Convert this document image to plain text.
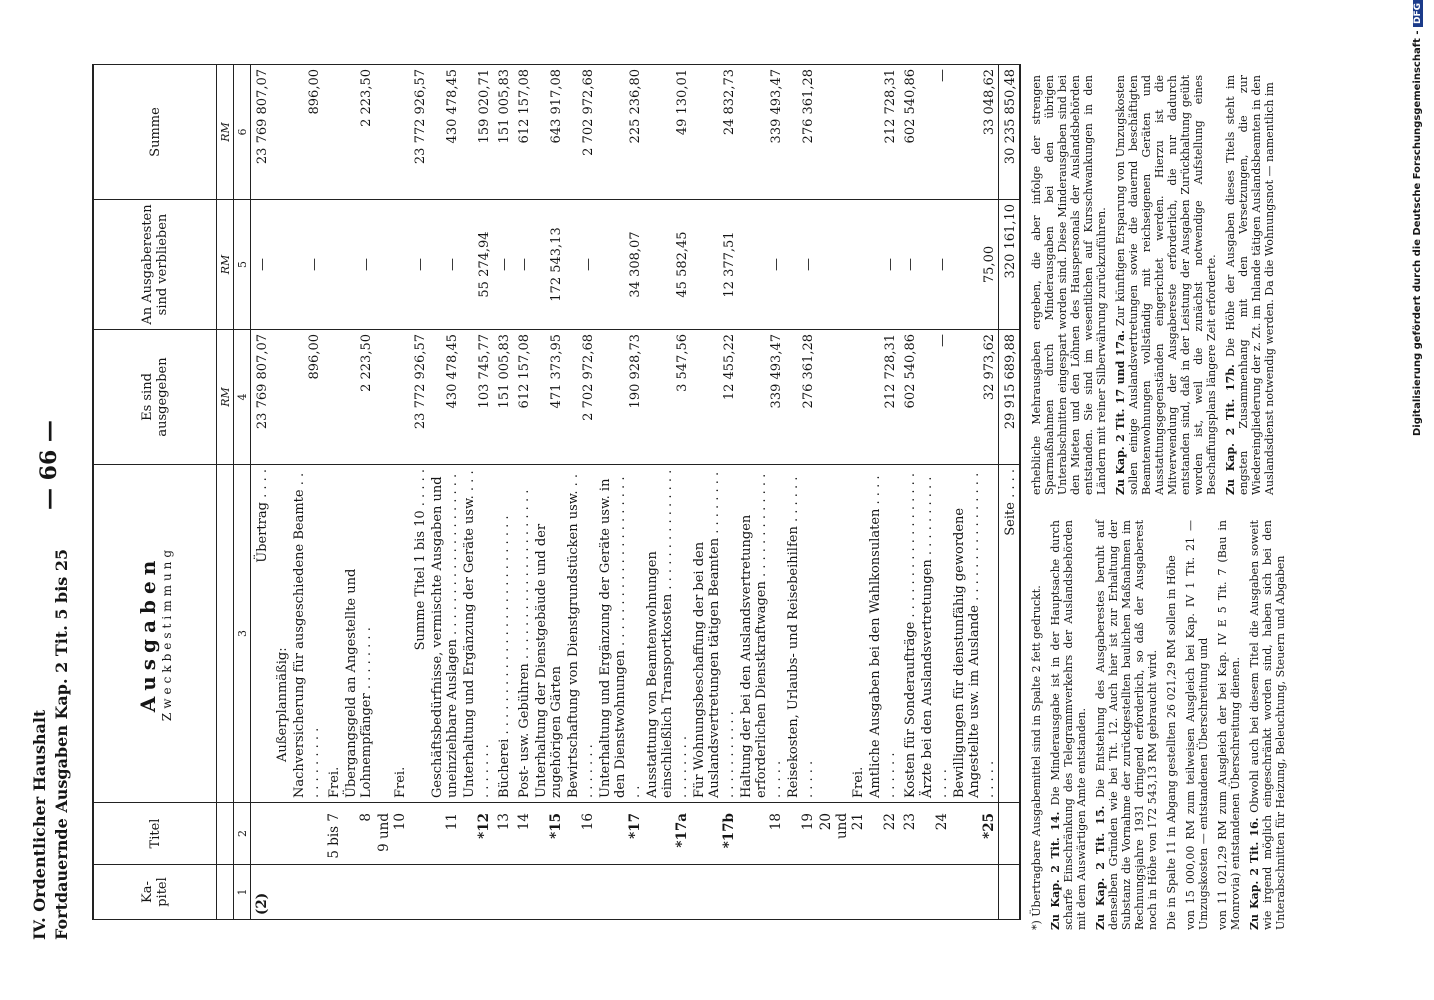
IV. Ordentlicher Haushalt Fortdauernde Ausgaben Kap. 2 Tit. 5 bis 25
— 66 —
Ka-pitel	Titel	Ausgaben Zweckbestimmung	Es sind ausgegeben	An Ausgaberesten sind verblieben	Summe
			RM	RM	RM
1	2	3	4	5	6
(2)		Übertrag . . . .	23 769 807,07	—	23 769 807,07
		Außerplanmäßig:			
		Nachversicherung für ausgeschiedene Beamte . . . . . . . . . . .	896,00	—	896,00
	5 bis 7	Frei.			
	8	Übergangsgeld an Angestellte und Lohnempfänger . . . . . . . .	2 223,50	—	2 223,50
	9 und 10	Frei.			
		Summe Titel 1 bis 10 . . . . .	23 772 926,57	—	23 772 926,57
	11	Geschäftsbedürfnisse, vermischte Ausgaben und uneinziehbare Auslagen . . . . . . . . . . . . . . . . . . . .	430 478,45	—	430 478,45
	*12	Unterhaltung und Ergänzung der Geräte usw. . . . . . . . . . .	103 745,77	55 274,94	159 020,71
	13	Bücherei . . . . . . . . . . . . . . . . . . . . . . . . . . .	151 005,83	—	151 005,83
	14	Post- usw. Gebühren . . . . . . . . . . . . . . . . . . . . .	612 157,08	—	612 157,08
	*15	Unterhaltung der Dienstgebäude und der zugehörigen Gärten	471 373,95	172 543,13	643 917,08
	16	Bewirtschaftung von Dienstgrundstücken usw. . . . . . . . . .	2 702 972,68	—	2 702 972,68
	*17	Unterhaltung und Ergänzung der Geräte usw. in den Dienstwohnungen . . . . . . . . . . . . . . . . . . . . . . .	190 928,73	34 308,07	225 236,80
	*17a	Ausstattung von Beamtenwohnungen einschließlich Transportkosten . . . . . . . . . . . . . . . . . . . . . . .	3 547,56	45 582,45	49 130,01
	*17b	Für Wohnungsbeschaffung der bei den Auslandsvertretungen tätigen Beamten . . . . . . . . . . . . . . . . . . .	12 455,22	12 377,51	24 832,73
	18	Haltung der bei den Auslandsvertretungen erforderlichen Dienstkraftwagen . . . . . . . . . . . . . . . . . .	339 493,47	—	339 493,47
	19	Reisekosten, Urlaubs- und Reisebeihilfen . . . . . . . . . . .	276 361,28	—	276 361,28
	20 und 21	Frei.			
	22	Amtliche Ausgaben bei den Wahlkonsulaten . . . . . . . . . .	212 728,31	—	212 728,31
	23	Kosten für Sonderaufträge . . . . . . . . . . . . . . . . . .	602 540,86	—	602 540,86
	24	Ärzte bei den Auslandsvertretungen . . . . . . . . . . . . . .	—	—	—
	*25	Bewilligungen für dienstunfähig gewordene Angestellte usw. im Auslande . . . . . . . . . . . . . . . . . . . . .	32 973,62	75,00	33 048,62
		Seite . . . .	29 915 689,88	320 161,10	30 235 850,48

*) Übertragbare Ausgabemittel sind in Spalte 2 fett gedruckt. Zu Kap. 2 Tit. 14. Die Minderausgabe ist in der Hauptsache durch scharfe Einschränkung des Telegrammverkehrs der Auslandsbehörden mit dem Auswärtigen Amte entstanden. Zu Kap. 2 Tit. 15. Die Entstehung des Ausgaberestes beruht auf denselben Gründen wie bei Tit. 12. Auch hier ist zur Erhaltung der Substanz die Vornahme der zurückgestellten baulichen Maßnahmen im Rechnungsjahre 1931 dringend erforderlich, so daß der Ausgaberest noch in Höhe von 172 543,13 RM gebraucht wird. Die in Spalte 11 in Abgang gestellten 26 021,29 RM sollen in Höhe von 15 000,00 RM zum teilweisen Ausgleich bei Kap. IV 1 Tit. 21 — Umzugskosten — entstandenen Überschreitung und von 11 021,29 RM zum Ausgleich der bei Kap. IV E 5 Tit. 7 (Bau in Monrovia) entstandenen Überschreitung dienen. Zu Kap. 2 Tit. 16. Obwohl auch bei diesem Titel die Ausgaben soweit wie irgend möglich eingeschränkt worden sind, haben sich bei den Unterabschnitten für Heizung, Beleuchtung, Steuern und Abgaben

erhebliche Mehrausgaben ergeben, die aber infolge der strengen Sparmaßnahmen durch Minderausgaben bei den übrigen Unterabschnitten eingespart worden sind. Diese Minderausgaben sind bei den Mieten und den Löhnen des Hauspersonals der Auslandsbehörden entstanden. Sie sind im wesentlichen auf Kursschwankungen in den Ländern mit reiner Silberwährung zurückzuführen. Zu Kap. 2 Tit. 17 und 17a. Zur künftigen Ersparung von Umzugskosten sollen einige Auslandsvertretungen sowie die dauernd beschäftigten Beamtenwohnungen vollständig mit reichseigenen Geräten und Ausstattungsgegenständen eingerichtet werden. Hierzu ist die Mitverwendung der Ausgabereste erforderlich, die nur dadurch entstanden sind, daß in der Leistung der Ausgaben Zurückhaltung geübt worden ist, weil die zunächst notwendige Aufstellung eines Beschaffungsplans längere Zeit erforderte. Zu Kap. 2 Tit. 17b. Die Höhe der Ausgaben dieses Titels steht im engsten Zusammenhang mit den Versetzungen, die zur Wiedereingliederung der z. Zt. im Inlande tätigen Auslandsbeamten in den Auslandsdienst notwendig werden. Da die Wohnungsnot — namentlich im	Digitalisierung gefördert durch die Deutsche Forschungsgemeinschaft - DFG
